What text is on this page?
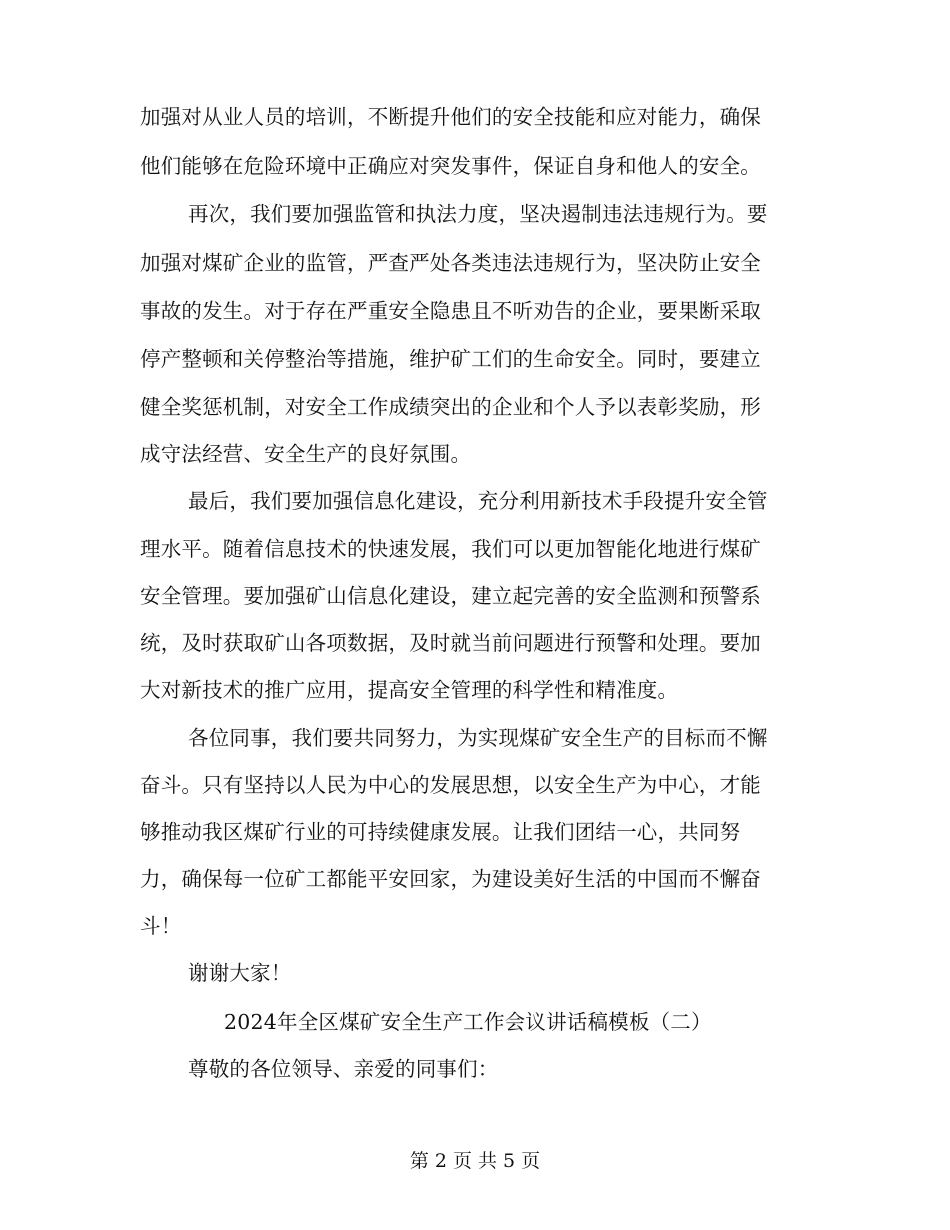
加强对从业人员的培训，不断提升他们的安全技能和应对能力，确保
他们能够在危险环境中正确应对突发事件，保证自身和他人的安全。
再次，我们要加强监管和执法力度，坚决遏制违法违规行为。要
加强对煤矿企业的监管，严查严处各类违法违规行为，坚决防止安全
事故的发生。对于存在严重安全隐患且不听劝告的企业，要果断采取
停产整顿和关停整治等措施，维护矿工们的生命安全。同时，要建立
健全奖惩机制，对安全工作成绩突出的企业和个人予以表彰奖励，形
成守法经营、安全生产的良好氛围。
最后，我们要加强信息化建设，充分利用新技术手段提升安全管
理水平。随着信息技术的快速发展，我们可以更加智能化地进行煤矿
安全管理。要加强矿山信息化建设，建立起完善的安全监测和预警系
统，及时获取矿山各项数据，及时就当前问题进行预警和处理。要加
大对新技术的推广应用，提高安全管理的科学性和精准度。
各位同事，我们要共同努力，为实现煤矿安全生产的目标而不懈
奋斗。只有坚持以人民为中心的发展思想，以安全生产为中心，才能
够推动我区煤矿行业的可持续健康发展。让我们团结一心，共同努
力，确保每一位矿工都能平安回家，为建设美好生活的中国而不懈奋
斗！
谢谢大家！
2024年全区煤矿安全生产工作会议讲话稿模板（二）
尊敬的各位领导、亲爱的同事们：
第 2 页 共 5 页
